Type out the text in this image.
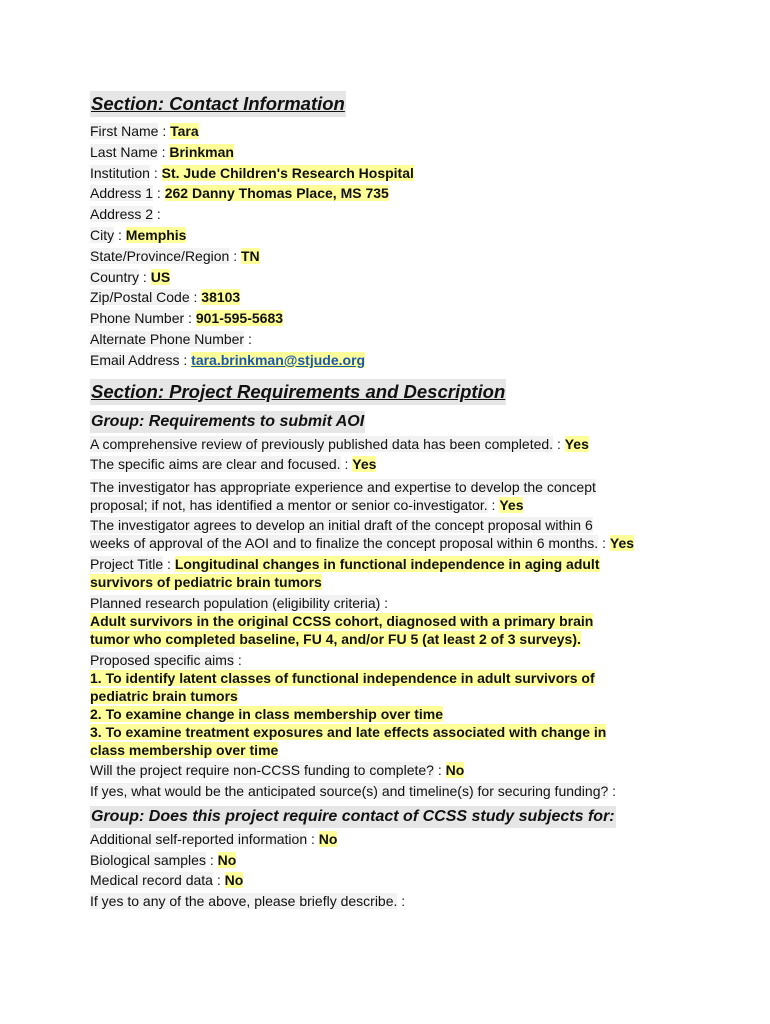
Section: Contact Information
First Name : Tara
Last Name : Brinkman
Institution : St. Jude Children's Research Hospital
Address 1 : 262 Danny Thomas Place, MS 735
Address 2 :
City : Memphis
State/Province/Region : TN
Country : US
Zip/Postal Code : 38103
Phone Number : 901-595-5683
Alternate Phone Number :
Email Address : tara.brinkman@stjude.org
Section: Project Requirements and Description
Group: Requirements to submit AOI
A comprehensive review of previously published data has been completed. : Yes
The specific aims are clear and focused. : Yes
The investigator has appropriate experience and expertise to develop the concept
proposal; if not, has identified a mentor or senior co-investigator. : Yes
The investigator agrees to develop an initial draft of the concept proposal within 6
weeks of approval of the AOI and to finalize the concept proposal within 6 months. : Yes
Project Title : Longitudinal changes in functional independence in aging adult
survivors of pediatric brain tumors
Planned research population (eligibility criteria) :
Adult survivors in the original CCSS cohort, diagnosed with a primary brain
tumor who completed baseline, FU 4, and/or FU 5 (at least 2 of 3 surveys).
Proposed specific aims :
1. To identify latent classes of functional independence in adult survivors of
pediatric brain tumors
2. To examine change in class membership over time
3. To examine treatment exposures and late effects associated with change in
class membership over time
Will the project require non-CCSS funding to complete? : No
If yes, what would be the anticipated source(s) and timeline(s) for securing funding? :
Group: Does this project require contact of CCSS study subjects for:
Additional self-reported information : No
Biological samples : No
Medical record data : No
If yes to any of the above, please briefly describe. :
